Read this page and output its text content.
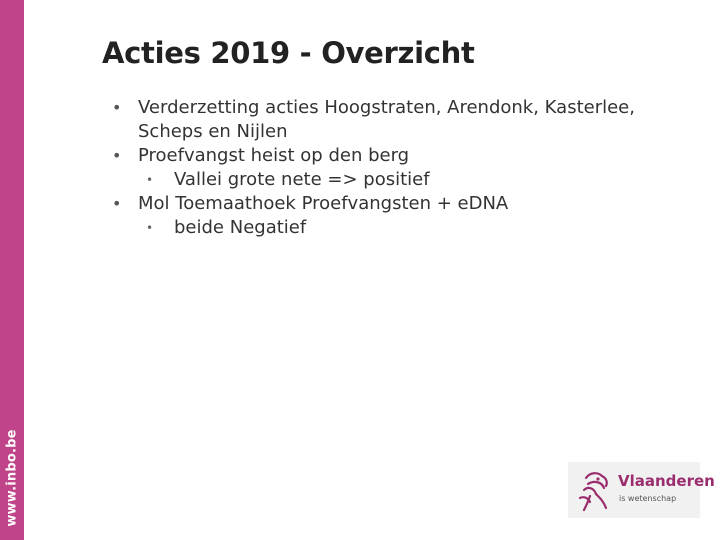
www.inbo.be
Acties 2019 - Overzicht
• Verderzetting acties Hoogstraten, Arendonk, Kasterlee, Scheps en Nijlen
• Proefvangst heist op den berg
• Vallei grote nete => positief
• Mol Toemaathoek Proefvangsten + eDNA
• beide Negatief
Vlaanderen
is wetenschap
